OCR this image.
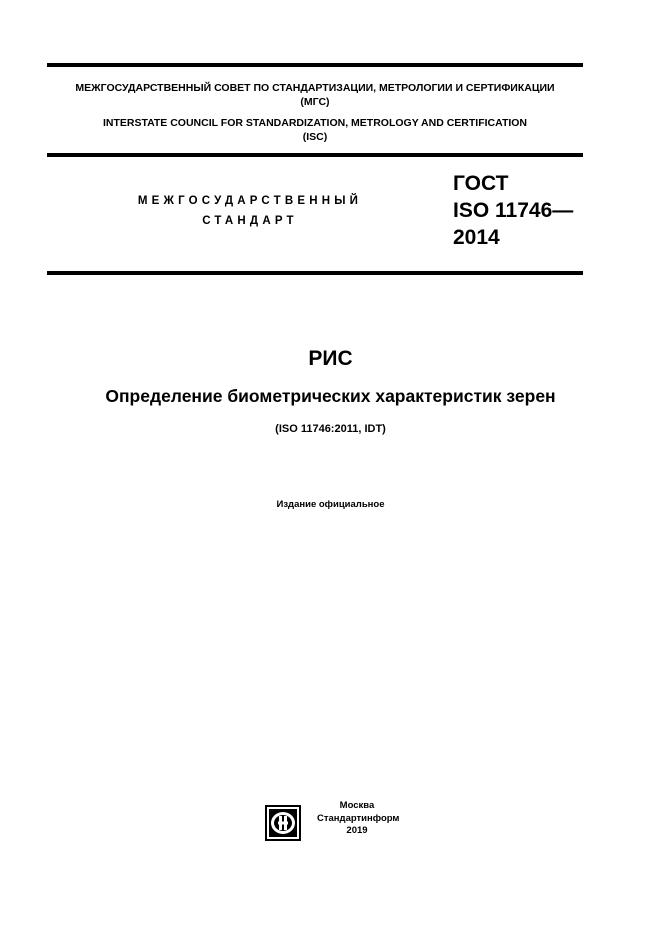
МЕЖГОСУДАРСТВЕННЫЙ СОВЕТ ПО СТАНДАРТИЗАЦИИ, МЕТРОЛОГИИ И СЕРТИФИКАЦИИ
(МГС)
INTERSTATE COUNCIL FOR STANDARDIZATION, METROLOGY AND CERTIFICATION
(ISC)
МЕЖГОСУДАРСТВЕННЫЙ
СТАНДАРТ
ГОСТ
ISO 11746—
2014
РИС
Определение биометрических характеристик зерен
(ISO 11746:2011, IDT)
Издание официальное
Москва
Стандартинформ
2019
